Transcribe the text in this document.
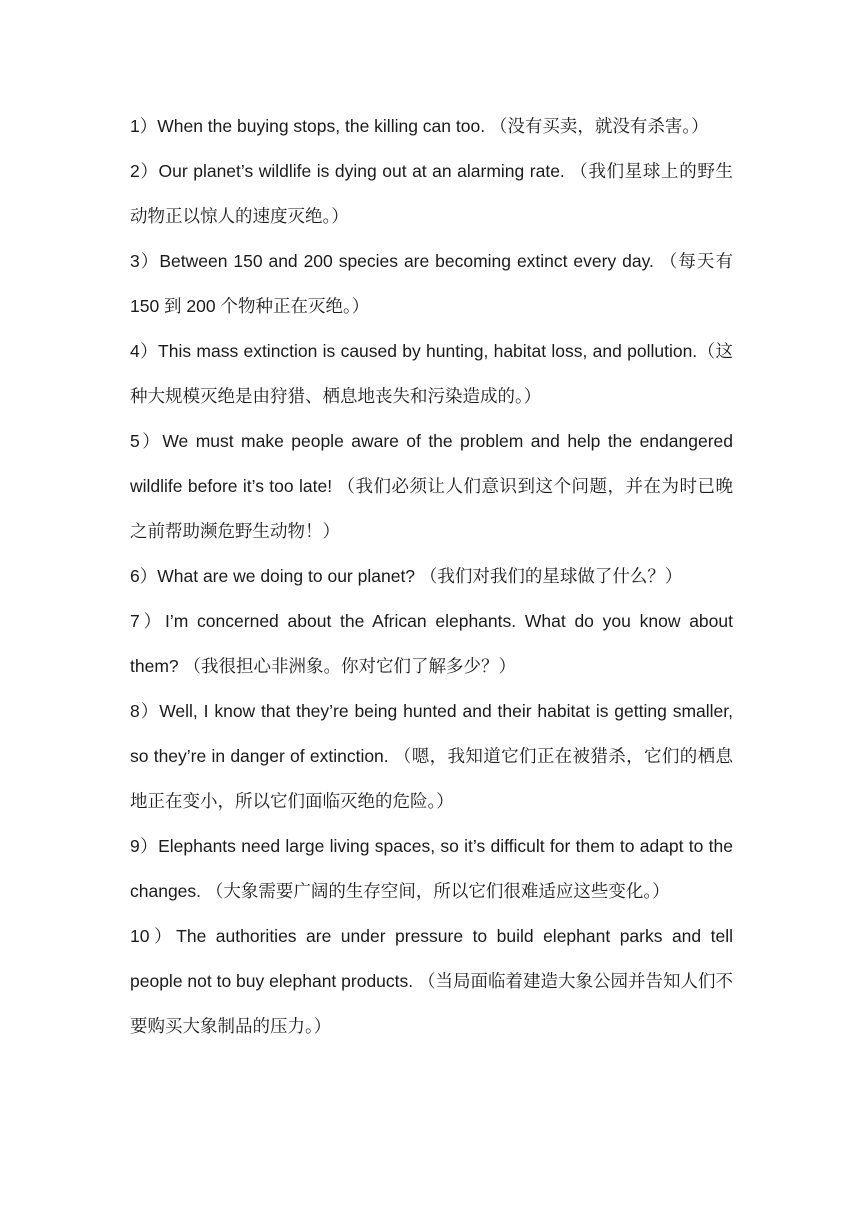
1）When the buying stops, the killing can too. （没有买卖，就没有杀害。）

2）Our planet’s wildlife is dying out at an alarming rate. （我们星球上的野生动物正以惊人的速度灭绝。）

3）Between 150 and 200 species are becoming extinct every day. （每天有 150 到 200 个物种正在灭绝。）

4）This mass extinction is caused by hunting, habitat loss, and pollution.（这种大规模灭绝是由狩猎、栖息地丧失和污染造成的。）

5）We must make people aware of the problem and help the endangered wildlife before it’s too late! （我们必须让人们意识到这个问题，并在为时已晚之前帮助濒危野生动物！）

6）What are we doing to our planet? （我们对我们的星球做了什么？）

7）I’m concerned about the African elephants. What do you know about them? （我很担心非洲象。你对它们了解多少？）

8）Well, I know that they’re being hunted and their habitat is getting smaller, so they’re in danger of extinction. （嗯，我知道它们正在被猎杀，它们的栖息地正在变小，所以它们面临灭绝的危险。）

9）Elephants need large living spaces, so it’s difficult for them to adapt to the changes. （大象需要广阔的生存空间，所以它们很难适应这些变化。）

10）The authorities are under pressure to build elephant parks and tell people not to buy elephant products. （当局面临着建造大象公园并告知人们不要购买大象制品的压力。）
